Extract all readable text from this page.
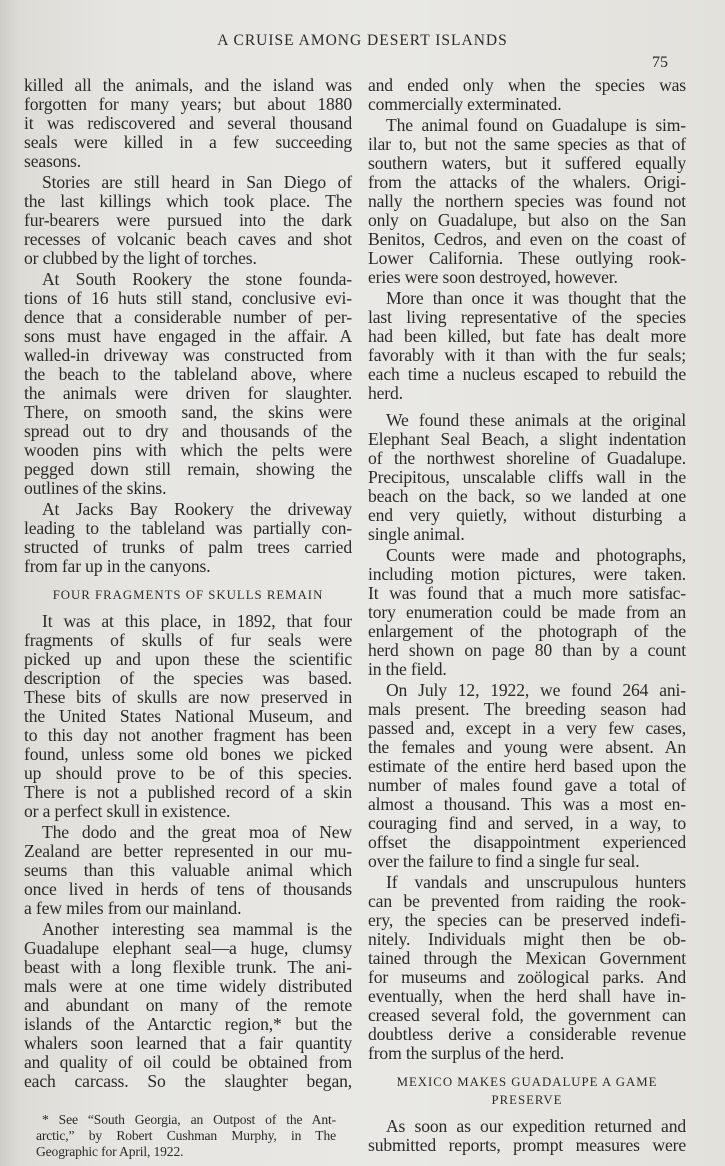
A CRUISE AMONG DESERT ISLANDS
75
killed all the animals, and the island was
forgotten for many years; but about 1880
it was rediscovered and several thousand
seals were killed in a few succeeding
seasons.
Stories are still heard in San Diego of
the last killings which took place. The
fur-bearers were pursued into the dark
recesses of volcanic beach caves and shot
or clubbed by the light of torches.
At South Rookery the stone founda-
tions of 16 huts still stand, conclusive evi-
dence that a considerable number of per-
sons must have engaged in the affair. A
walled-in driveway was constructed from
the beach to the tableland above, where
the animals were driven for slaughter.
There, on smooth sand, the skins were
spread out to dry and thousands of the
wooden pins with which the pelts were
pegged down still remain, showing the
outlines of the skins.
At Jacks Bay Rookery the driveway
leading to the tableland was partially con-
structed of trunks of palm trees carried
from far up in the canyons.
FOUR FRAGMENTS OF SKULLS REMAIN
It was at this place, in 1892, that four
fragments of skulls of fur seals were
picked up and upon these the scientific
description of the species was based.
These bits of skulls are now preserved in
the United States National Museum, and
to this day not another fragment has been
found, unless some old bones we picked
up should prove to be of this species.
There is not a published record of a skin
or a perfect skull in existence.
The dodo and the great moa of New
Zealand are better represented in our mu-
seums than this valuable animal which
once lived in herds of tens of thousands
a few miles from our mainland.
Another interesting sea mammal is the
Guadalupe elephant seal—a huge, clumsy
beast with a long flexible trunk. The ani-
mals were at one time widely distributed
and abundant on many of the remote
islands of the Antarctic region,* but the
whalers soon learned that a fair quantity
and quality of oil could be obtained from
each carcass. So the slaughter began,
and ended only when the species was
commercially exterminated.
The animal found on Guadalupe is sim-
ilar to, but not the same species as that of
southern waters, but it suffered equally
from the attacks of the whalers. Origi-
nally the northern species was found not
only on Guadalupe, but also on the San
Benitos, Cedros, and even on the coast of
Lower California. These outlying rook-
eries were soon destroyed, however.
More than once it was thought that the
last living representative of the species
had been killed, but fate has dealt more
favorably with it than with the fur seals;
each time a nucleus escaped to rebuild the
herd.
We found these animals at the original
Elephant Seal Beach, a slight indentation
of the northwest shoreline of Guadalupe.
Precipitous, unscalable cliffs wall in the
beach on the back, so we landed at one
end very quietly, without disturbing a
single animal.
Counts were made and photographs,
including motion pictures, were taken.
It was found that a much more satisfac-
tory enumeration could be made from an
enlargement of the photograph of the
herd shown on page 80 than by a count
in the field.
On July 12, 1922, we found 264 ani-
mals present. The breeding season had
passed and, except in a very few cases,
the females and young were absent. An
estimate of the entire herd based upon the
number of males found gave a total of
almost a thousand. This was a most en-
couraging find and served, in a way, to
offset the disappointment experienced
over the failure to find a single fur seal.
If vandals and unscrupulous hunters
can be prevented from raiding the rook-
ery, the species can be preserved indefi-
nitely. Individuals might then be ob-
tained through the Mexican Government
for museums and zoölogical parks. And
eventually, when the herd shall have in-
creased several fold, the government can
doubtless derive a considerable revenue
from the surplus of the herd.
MEXICO MAKES GUADALUPE A GAME
PRESERVE
As soon as our expedition returned and
submitted reports, prompt measures were
* See “South Georgia, an Outpost of the Ant-
arctic,” by Robert Cushman Murphy, in The
Geographic for April, 1922.
